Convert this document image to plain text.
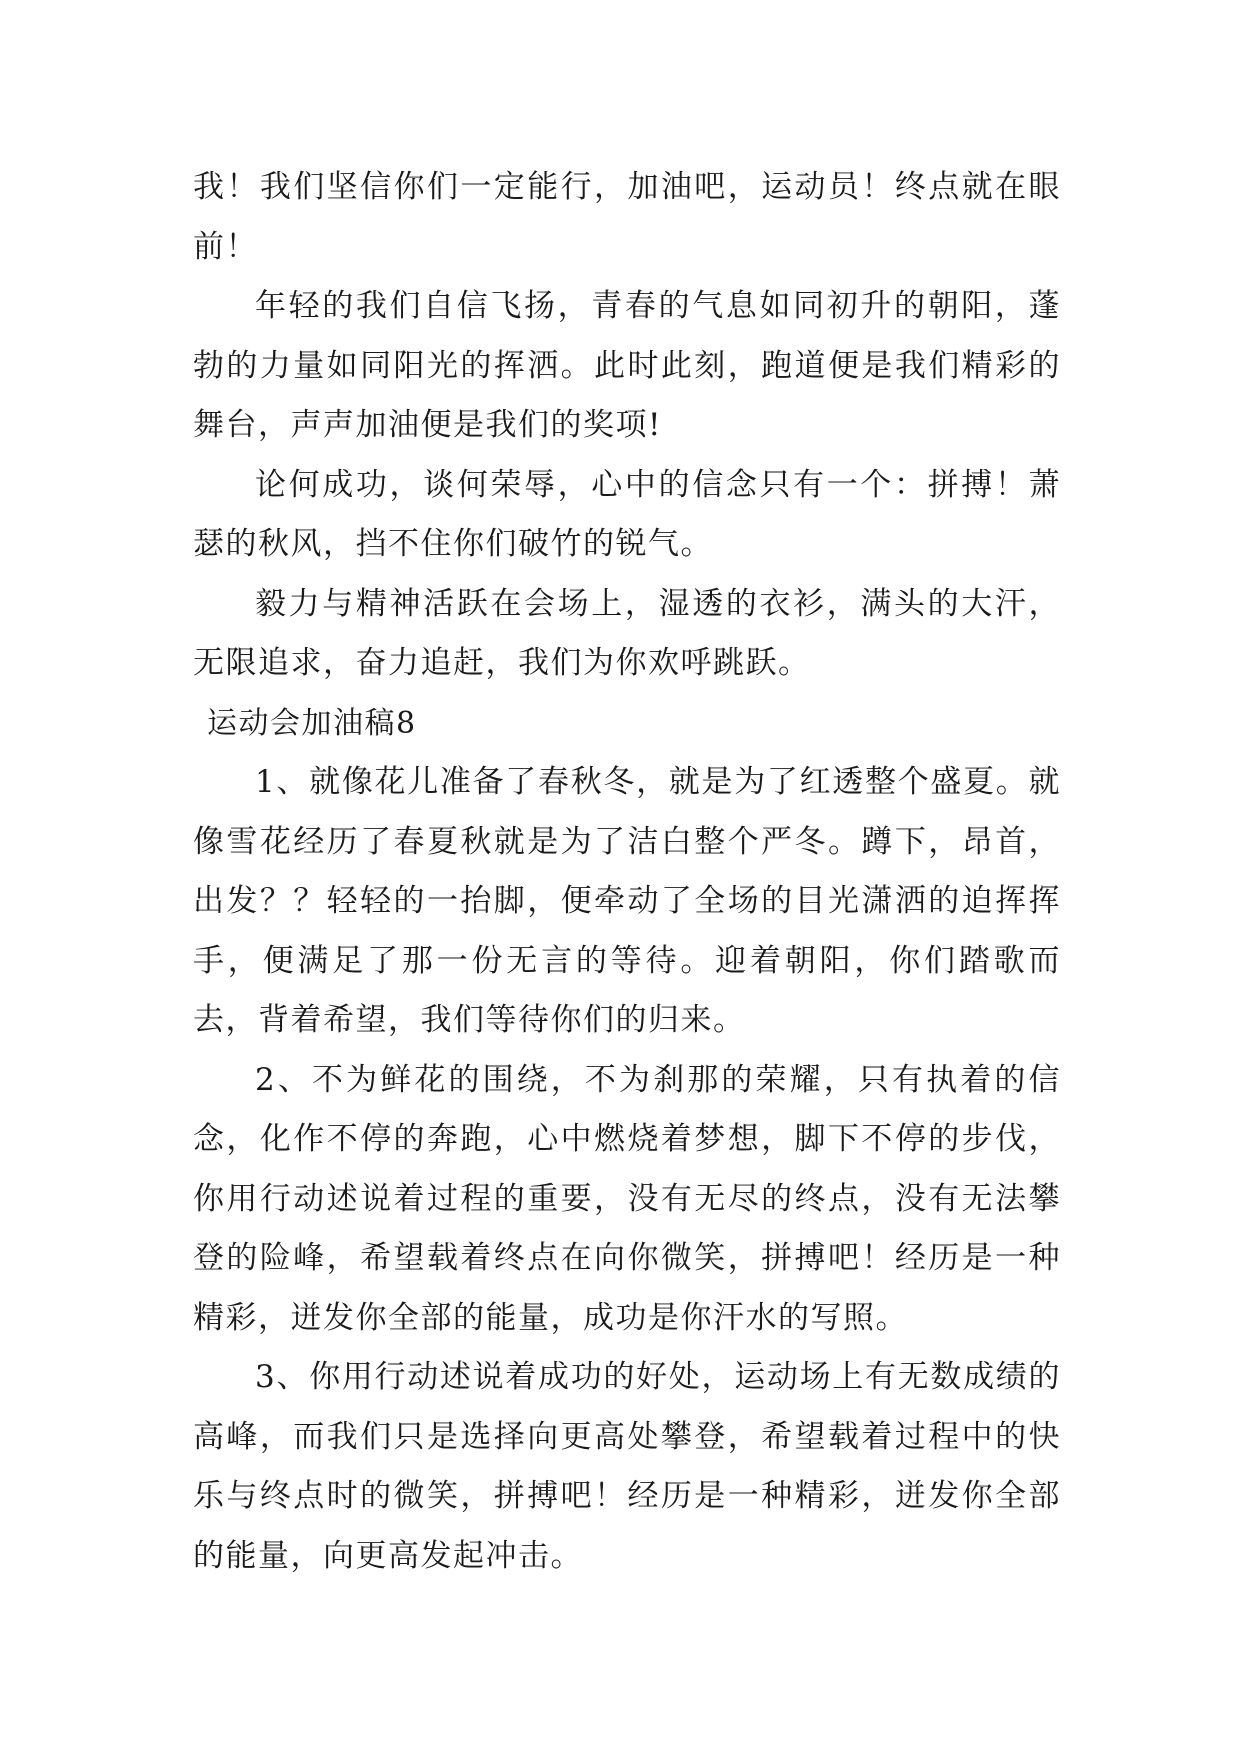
我！我们坚信你们一定能行，加油吧，运动员！终点就在眼前！

年轻的我们自信飞扬，青春的气息如同初升的朝阳，蓬勃的力量如同阳光的挥洒。此时此刻，跑道便是我们精彩的舞台，声声加油便是我们的奖项!

论何成功，谈何荣辱，心中的信念只有一个：拼搏！萧瑟的秋风，挡不住你们破竹的锐气。

毅力与精神活跃在会场上，湿透的衣衫，满头的大汗，无限追求，奋力追赶，我们为你欢呼跳跃。

运动会加油稿8

1、就像花儿准备了春秋冬，就是为了红透整个盛夏。就像雪花经历了春夏秋就是为了洁白整个严冬。蹲下，昂首，出发？？轻轻的一抬脚，便牵动了全场的目光潇洒的迫挥挥手，便满足了那一份无言的等待。迎着朝阳，你们踏歌而去，背着希望，我们等待你们的归来。

2、不为鲜花的围绕，不为刹那的荣耀，只有执着的信念，化作不停的奔跑，心中燃烧着梦想，脚下不停的步伐，你用行动述说着过程的重要，没有无尽的终点，没有无法攀登的险峰，希望载着终点在向你微笑，拼搏吧！经历是一种精彩，迸发你全部的能量，成功是你汗水的写照。

3、你用行动述说着成功的好处，运动场上有无数成绩的高峰，而我们只是选择向更高处攀登，希望载着过程中的快乐与终点时的微笑，拼搏吧！经历是一种精彩，迸发你全部的能量，向更高发起冲击。
